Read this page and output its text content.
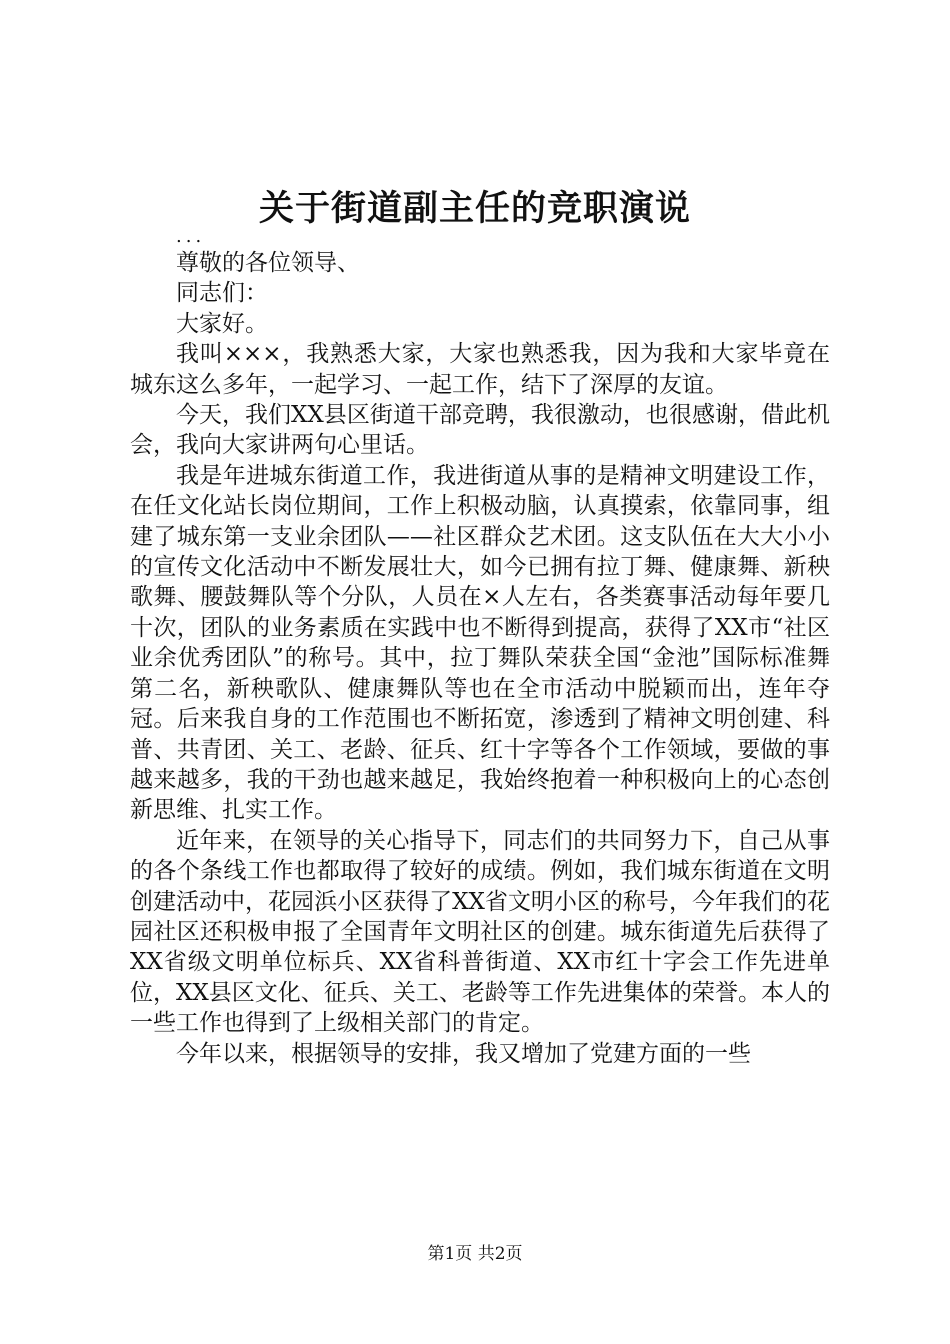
关于街道副主任的竞职演说

...

尊敬的各位领导、

同志们：

大家好。

我叫×××，我熟悉大家，大家也熟悉我，因为我和大家毕竟在城东这么多年，一起学习、一起工作，结下了深厚的友谊。

今天，我们XX县区街道干部竞聘，我很激动，也很感谢，借此机会，我向大家讲两句心里话。

我是年进城东街道工作，我进街道从事的是精神文明建设工作，在任文化站长岗位期间，工作上积极动脑，认真摸索，依靠同事，组建了城东第一支业余团队——社区群众艺术团。这支队伍在大大小小的宣传文化活动中不断发展壮大，如今已拥有拉丁舞、健康舞、新秧歌舞、腰鼓舞队等个分队，人员在×人左右，各类赛事活动每年要几十次，团队的业务素质在实践中也不断得到提高，获得了XX市“社区业余优秀团队”的称号。其中，拉丁舞队荣获全国“金池”国际标准舞第二名，新秧歌队、健康舞队等也在全市活动中脱颖而出，连年夺冠。后来我自身的工作范围也不断拓宽，渗透到了精神文明创建、科普、共青团、关工、老龄、征兵、红十字等各个工作领域，要做的事越来越多，我的干劲也越来越足，我始终抱着一种积极向上的心态创新思维、扎实工作。

近年来，在领导的关心指导下，同志们的共同努力下，自己从事的各个条线工作也都取得了较好的成绩。例如，我们城东街道在文明创建活动中，花园浜小区获得了XX省文明小区的称号，今年我们的花园社区还积极申报了全国青年文明社区的创建。城东街道先后获得了XX省级文明单位标兵、XX省科普街道、XX市红十字会工作先进单位，XX县区文化、征兵、关工、老龄等工作先进集体的荣誉。本人的一些工作也得到了上级相关部门的肯定。

今年以来，根据领导的安排，我又增加了党建方面的一些

第1页 共2页
